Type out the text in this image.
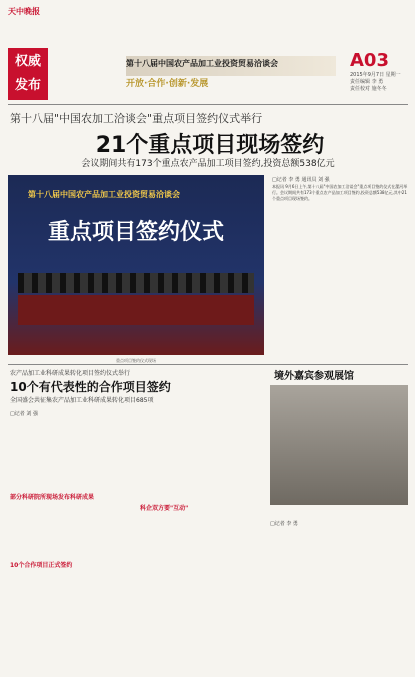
天中晚报
权威
发布
第十八届中国农产品加工业投资贸易洽谈会
开放·合作·创新·发展
A03
2015年9月7日 星期一
责任编辑 李 勇
责任校对 施冬冬
第十八届"中国农加工洽谈会"重点项目签约仪式举行
21个重点项目现场签约
会议期间共有173个重点农产品加工项目签约,投资总额538亿元
第十八届中国农产品加工业投资贸易洽谈会
重点项目签约仪式
重点项目签约仪式现场
□记者 李 勇 通讯员 刘 强
本报讯 9月6日上午,第十八届"中国农加工洽谈会"重点项目签约仪式在漯河举行。会议期间共有173个重点农产品加工项目签约,投资总额538亿元,其中21个重点项目现场签约。
农产品加工业科研成果转化项目签约仪式举行
10个有代表性的合作项目签约
全国盛会共征集农产品加工业科研成果转化项目685项
□记者 刘 强
部分科研院所现场发布科研成果
10个合作项目正式签约
科企双方要"互动"
境外嘉宾参观展馆
□记者 李 勇
